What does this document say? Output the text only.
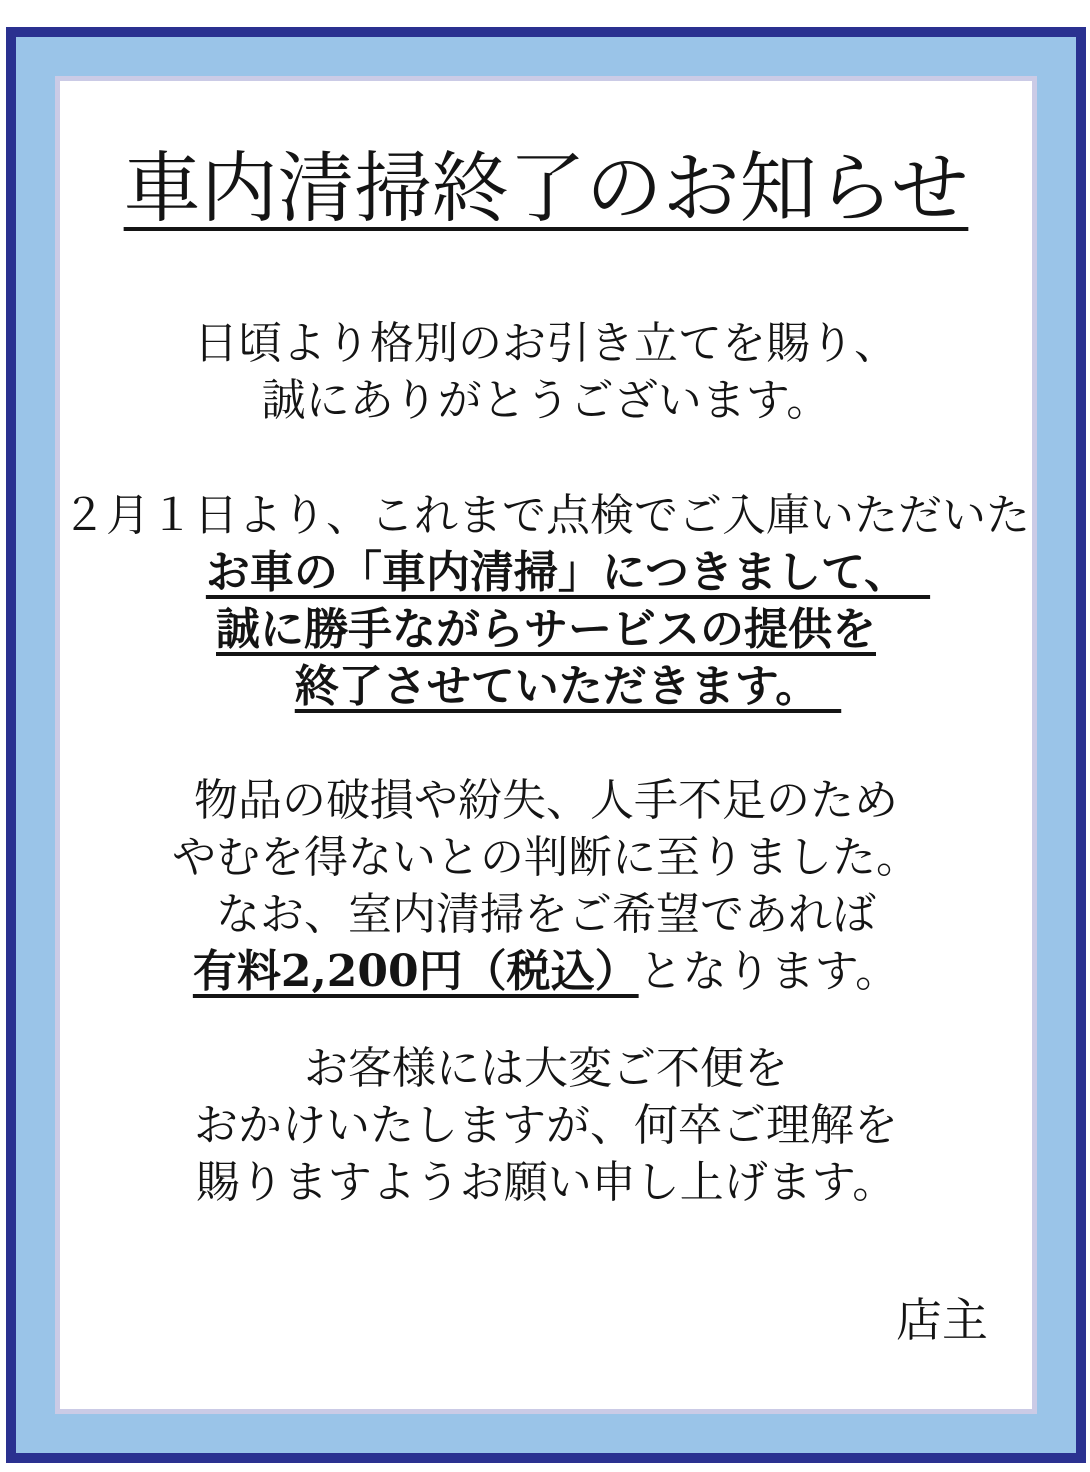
車内清掃終了のお知らせ

日頃より格別のお引き立てを賜り、
誠にありがとうございます。

２月１日より、これまで点検でご入庫いただいた
お車の「車内清掃」につきまして、　
誠に勝手ながらサービスの提供を
終了させていただきます。　

物品の破損や紛失、人手不足のため
やむを得ないとの判断に至りました。
なお、室内清掃をご希望であれば
有料2,200円（税込）となります。

お客様には大変ご不便を
おかけいたしますが、何卒ご理解を
賜りますようお願い申し上げます。

店主
